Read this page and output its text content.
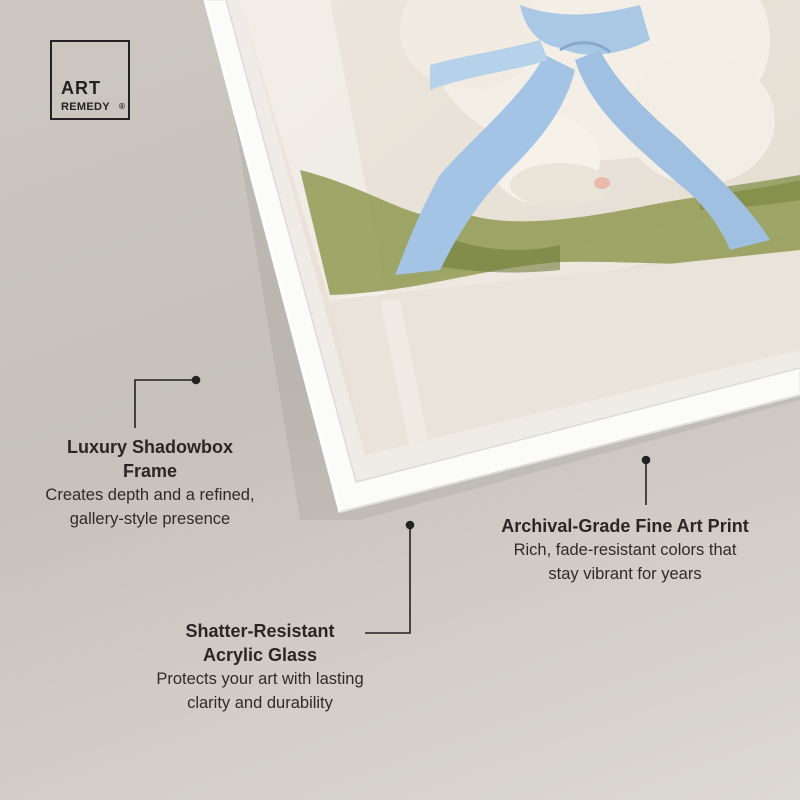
ART
REMEDY ®
Luxury Shadowbox
Frame
Creates depth and a refined,
gallery-style presence	Archival-Grade Fine Art Print
Rich, fade-resistant colors that
stay vibrant for years
Shatter-Resistant
Acrylic Glass
Protects your art with lasting
clarity and durability
